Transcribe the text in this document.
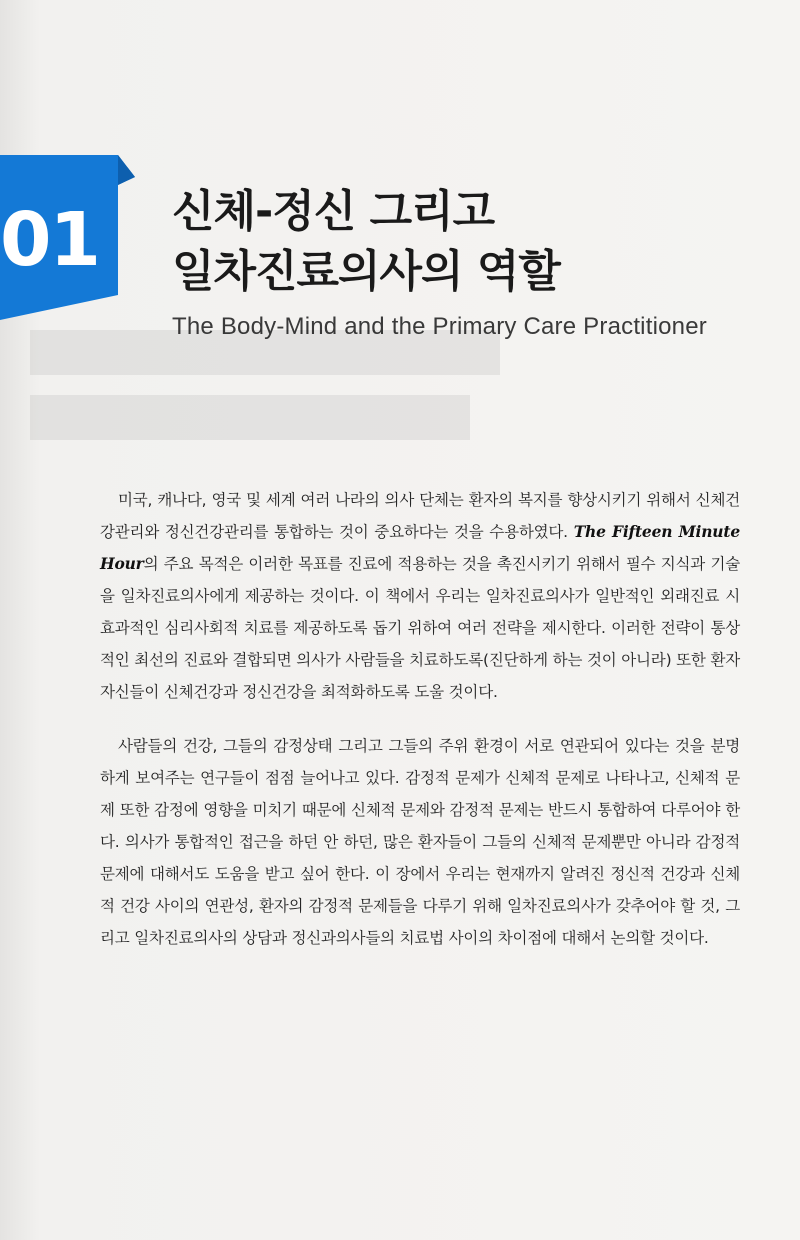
01	신체-정신 그리고
일차진료의사의 역할
The Body-Mind and the Primary Care Practitioner

미국, 캐나다, 영국 및 세계 여러 나라의 의사 단체는 환자의 복지를 향상시키기 위해서 신체건강관리와 정신건강관리를 통합하는 것이 중요하다는 것을 수용하였다. The Fifteen Minute Hour의 주요 목적은 이러한 목표를 진료에 적용하는 것을 촉진시키기 위해서 필수 지식과 기술을 일차진료의사에게 제공하는 것이다. 이 책에서 우리는 일차진료의사가 일반적인 외래진료 시 효과적인 심리사회적 치료를 제공하도록 돕기 위하여 여러 전략을 제시한다. 이러한 전략이 통상적인 최선의 진료와 결합되면 의사가 사람들을 치료하도록(진단하게 하는 것이 아니라) 또한 환자 자신들이 신체건강과 정신건강을 최적화하도록 도울 것이다.

사람들의 건강, 그들의 감정상태 그리고 그들의 주위 환경이 서로 연관되어 있다는 것을 분명하게 보여주는 연구들이 점점 늘어나고 있다. 감정적 문제가 신체적 문제로 나타나고, 신체적 문제 또한 감정에 영향을 미치기 때문에 신체적 문제와 감정적 문제는 반드시 통합하여 다루어야 한다. 의사가 통합적인 접근을 하던 안 하던, 많은 환자들이 그들의 신체적 문제뿐만 아니라 감정적 문제에 대해서도 도움을 받고 싶어 한다. 이 장에서 우리는 현재까지 알려진 정신적 건강과 신체적 건강 사이의 연관성, 환자의 감정적 문제들을 다루기 위해 일차진료의사가 갖추어야 할 것, 그리고 일차진료의사의 상담과 정신과의사들의 치료법 사이의 차이점에 대해서 논의할 것이다.
